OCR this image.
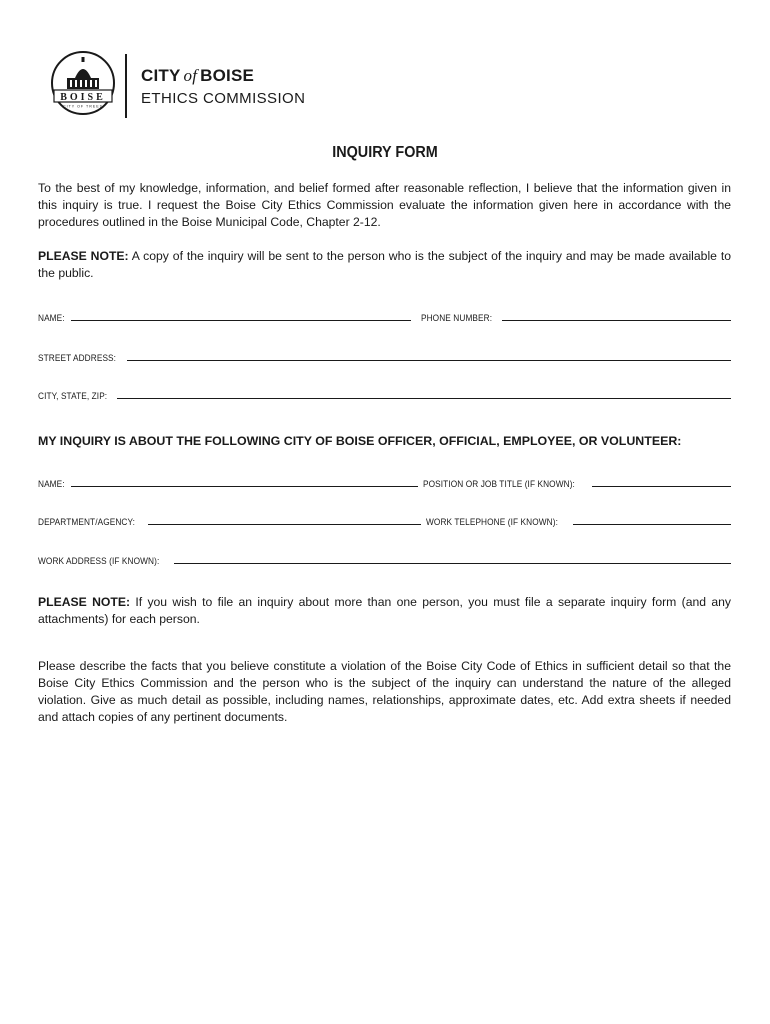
BOISE
CITY OF TREES
CITY of BOISE
ETHICS COMMISSION
INQUIRY FORM
To the best of my knowledge, information, and belief formed after reasonable reflection, I believe that the information given in this inquiry is true. I request the Boise City Ethics Commission evaluate the information given here in accordance with the procedures outlined in the Boise Municipal Code, Chapter 2-12.
PLEASE NOTE: A copy of the inquiry will be sent to the person who is the subject of the inquiry and may be made available to the public.
NAME:	PHONE NUMBER:
STREET ADDRESS:
CITY, STATE, ZIP:
MY INQUIRY IS ABOUT THE FOLLOWING CITY OF BOISE OFFICER, OFFICIAL, EMPLOYEE, OR VOLUNTEER:
NAME:	POSITION OR JOB TITLE (IF KNOWN):
DEPARTMENT/AGENCY:	WORK TELEPHONE (IF KNOWN):
WORK ADDRESS (IF KNOWN):
PLEASE NOTE: If you wish to file an inquiry about more than one person, you must file a separate inquiry form (and any attachments) for each person.
Please describe the facts that you believe constitute a violation of the Boise City Code of Ethics in sufficient detail so that the Boise City Ethics Commission and the person who is the subject of the inquiry can understand the nature of the alleged violation. Give as much detail as possible, including names, relationships, approximate dates, etc. Add extra sheets if needed and attach copies of any pertinent documents.
